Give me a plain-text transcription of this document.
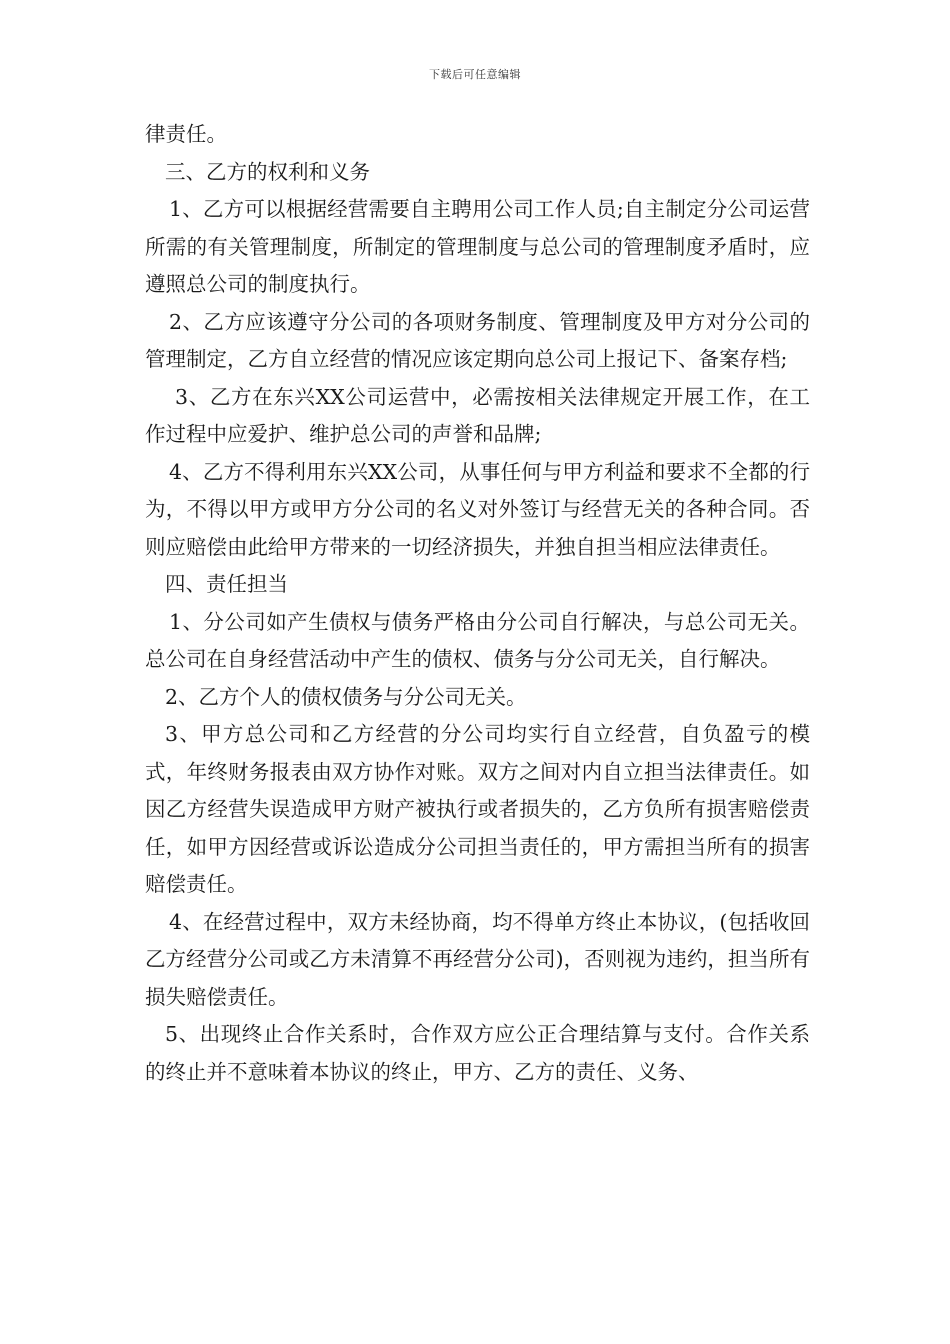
下载后可任意编辑

律责任。

三、乙方的权利和义务

1、乙方可以根据经营需要自主聘用公司工作人员;自主制定分公司运营所需的有关管理制度，所制定的管理制度与总公司的管理制度矛盾时，应遵照总公司的制度执行。

2、乙方应该遵守分公司的各项财务制度、管理制度及甲方对分公司的管理制定，乙方自立经营的情况应该定期向总公司上报记下、备案存档;

3、乙方在东兴XX公司运营中，必需按相关法律规定开展工作，在工作过程中应爱护、维护总公司的声誉和品牌;

4、乙方不得利用东兴XX公司，从事任何与甲方利益和要求不全都的行为，不得以甲方或甲方分公司的名义对外签订与经营无关的各种合同。否则应赔偿由此给甲方带来的一切经济损失，并独自担当相应法律责任。

四、责任担当

1、分公司如产生债权与债务严格由分公司自行解决，与总公司无关。总公司在自身经营活动中产生的债权、债务与分公司无关，自行解决。

2、乙方个人的债权债务与分公司无关。

3、甲方总公司和乙方经营的分公司均实行自立经营，自负盈亏的模式，年终财务报表由双方协作对账。双方之间对内自立担当法律责任。如因乙方经营失误造成甲方财产被执行或者损失的，乙方负所有损害赔偿责任，如甲方因经营或诉讼造成分公司担当责任的，甲方需担当所有的损害赔偿责任。

4、在经营过程中，双方未经协商，均不得单方终止本协议，(包括收回乙方经营分公司或乙方未清算不再经营分公司)，否则视为违约，担当所有损失赔偿责任。

5、出现终止合作关系时，合作双方应公正合理结算与支付。合作关系的终止并不意味着本协议的终止，甲方、乙方的责任、义务、
